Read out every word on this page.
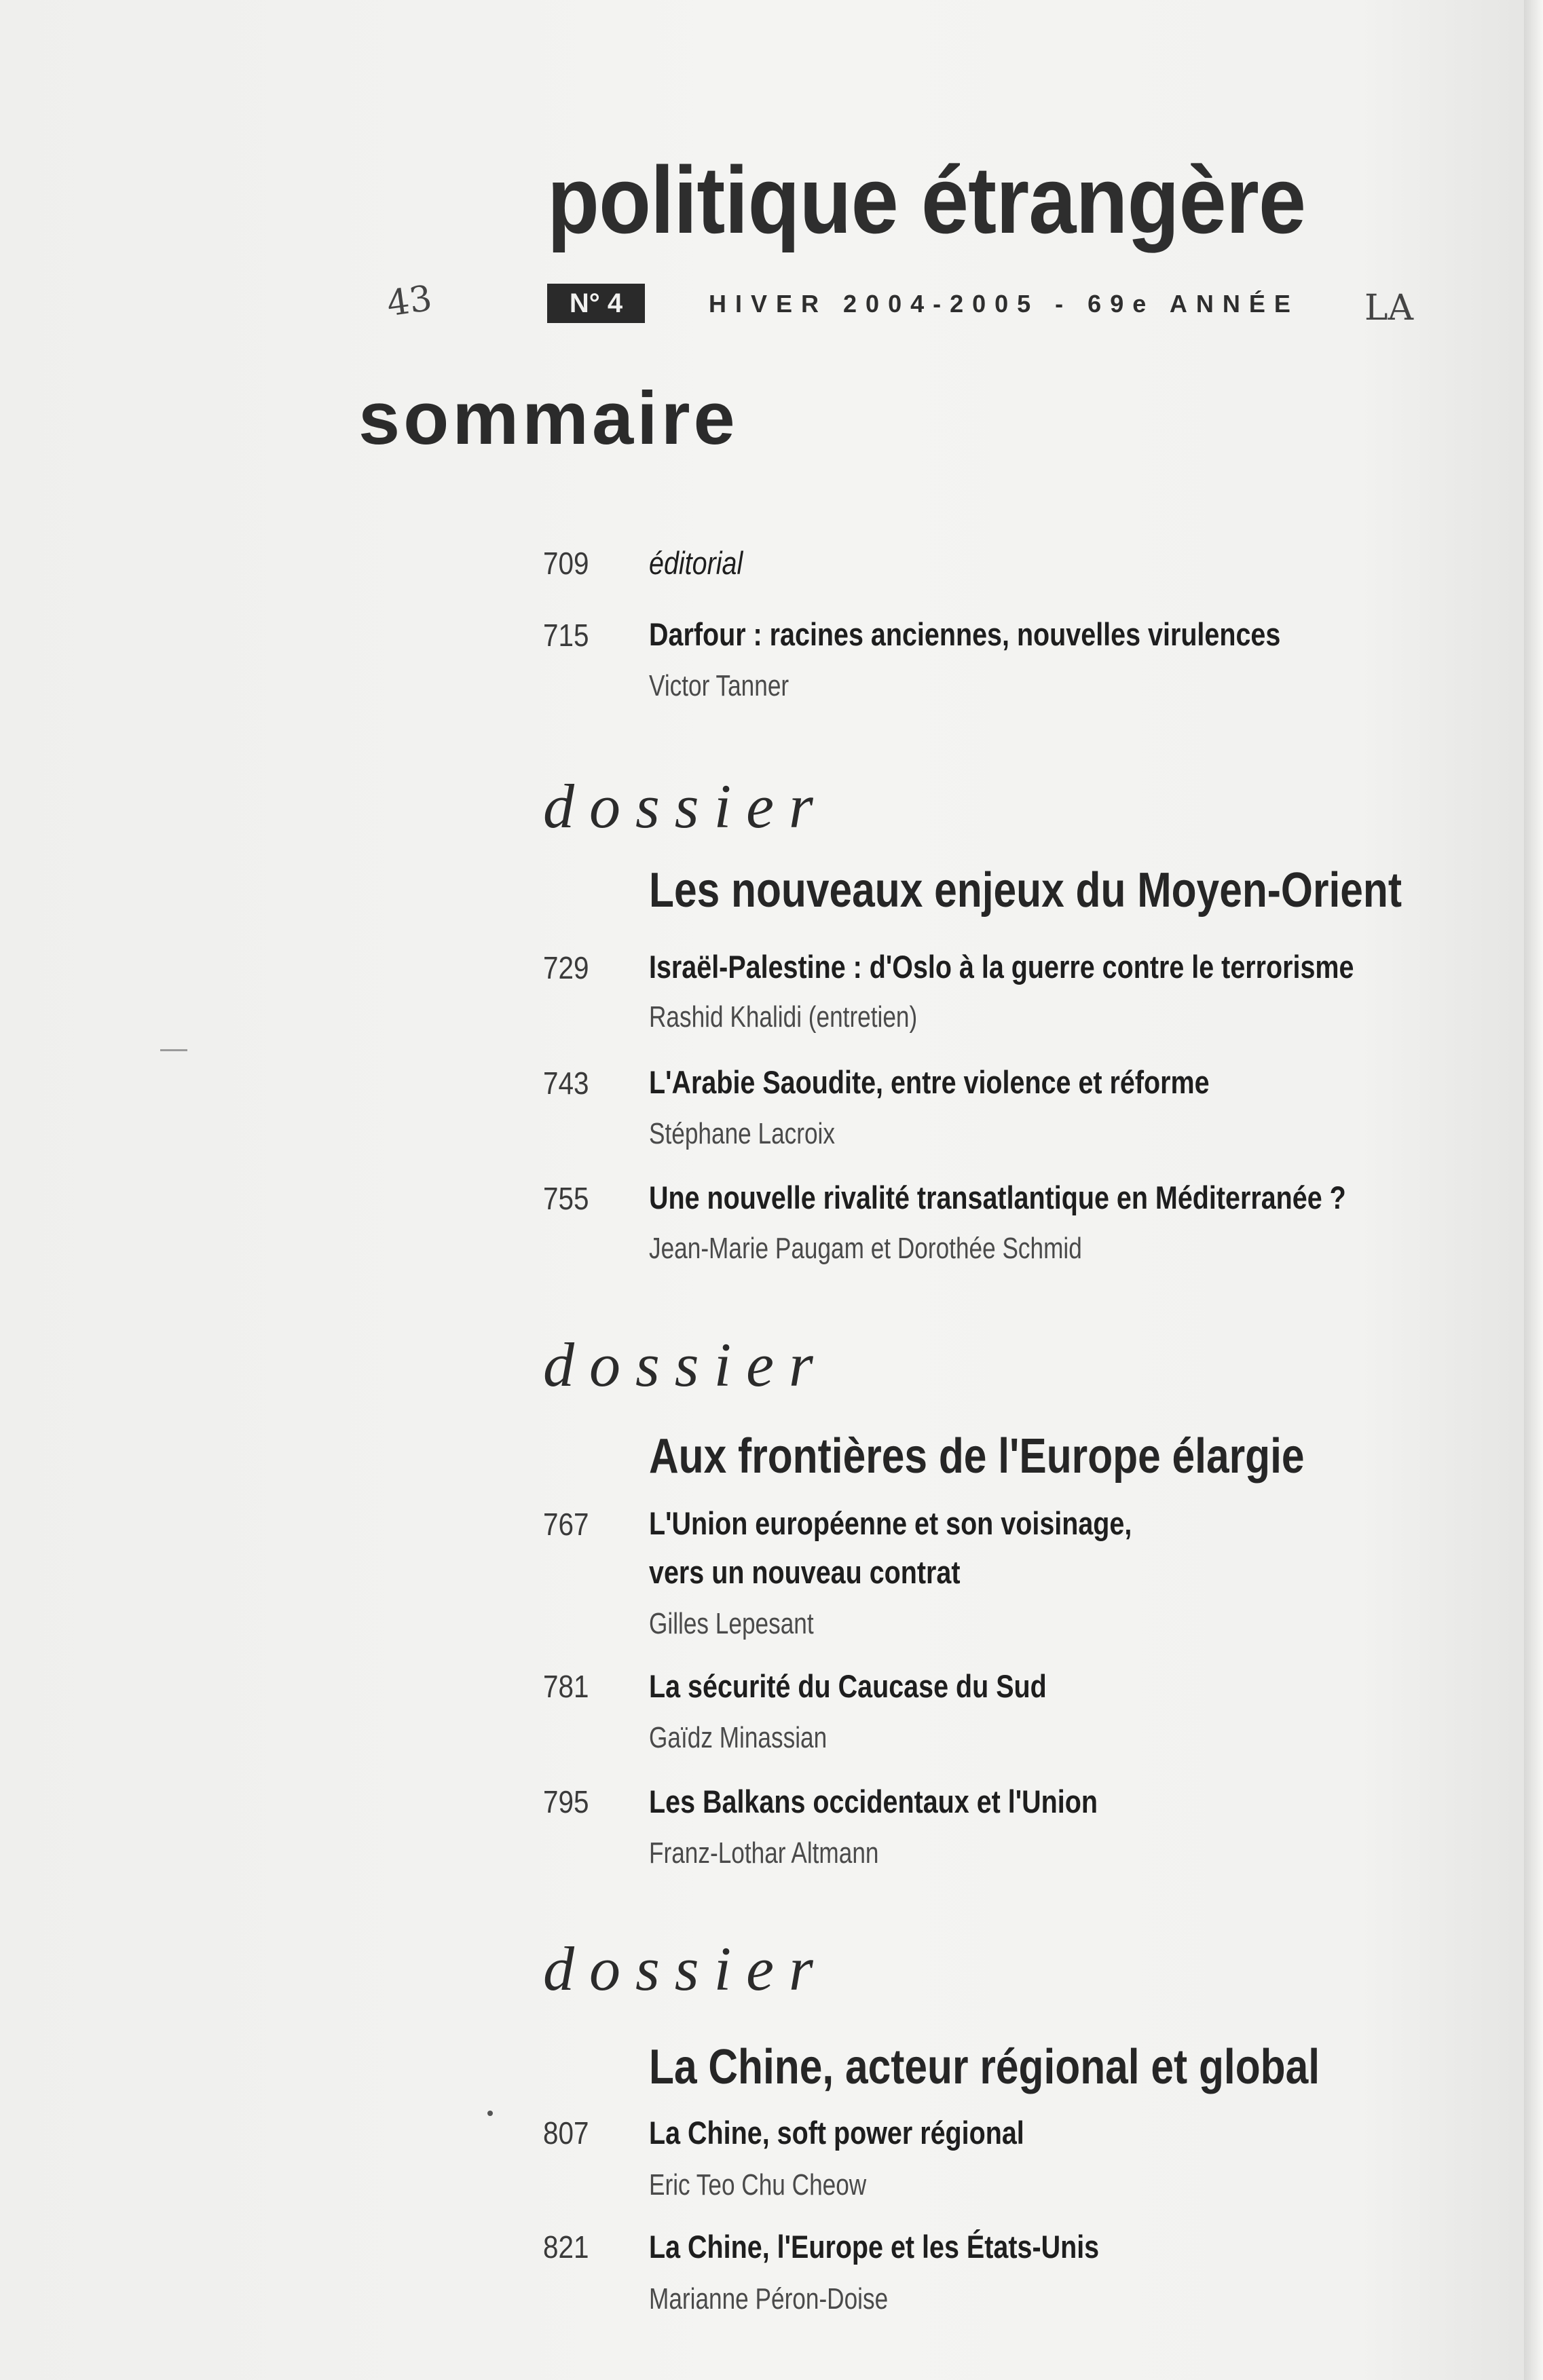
politique étrangère
N° 4	HIVER 2004-2005 - 69e ANNÉE
43	LA
sommaire
709 éditorial
715 Darfour : racines anciennes, nouvelles virulences
Victor Tanner
dossier
Les nouveaux enjeux du Moyen-Orient
729 Israël-Palestine : d'Oslo à la guerre contre le terrorisme
Rashid Khalidi (entretien)
743 L'Arabie Saoudite, entre violence et réforme
Stéphane Lacroix
755 Une nouvelle rivalité transatlantique en Méditerranée ?
Jean-Marie Paugam et Dorothée Schmid
dossier
Aux frontières de l'Europe élargie
767 L'Union européenne et son voisinage,
vers un nouveau contrat
Gilles Lepesant
781 La sécurité du Caucase du Sud
Gaïdz Minassian
795 Les Balkans occidentaux et l'Union
Franz-Lothar Altmann
dossier
La Chine, acteur régional et global
807 La Chine, soft power régional
Eric Teo Chu Cheow
821 La Chine, l'Europe et les États-Unis
Marianne Péron-Doise
